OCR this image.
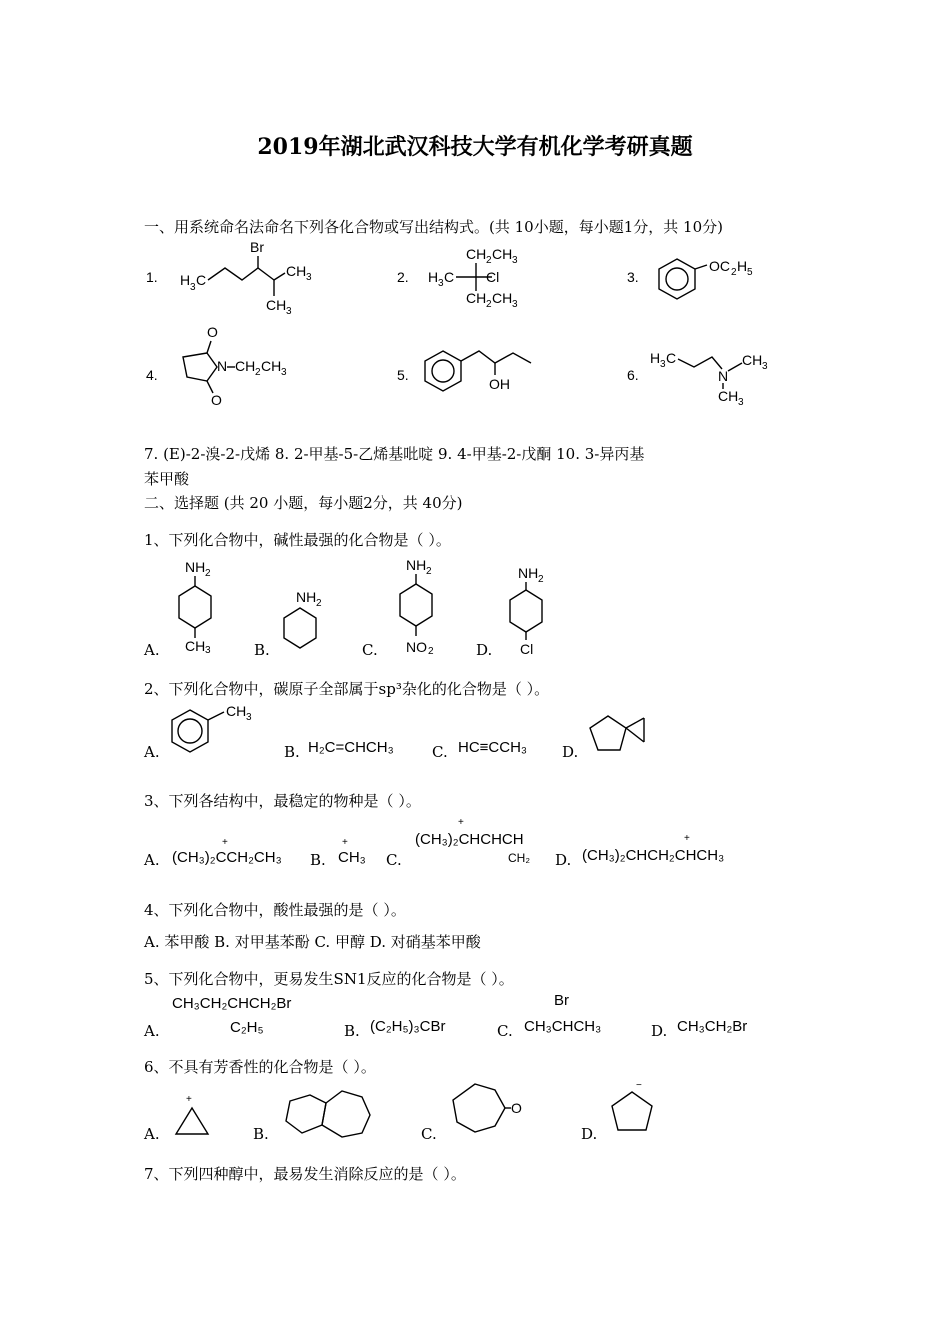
2019年湖北武汉科技大学有机化学考研真题
一、用系统命名法命名下列各化合物或写出结构式。(共 10小题，每小题1分，共 10分)
1.	2.	3.
H 3 C
Br
CH 3
CH 3
CH 2 CH 3
H 3 C Cl
CH 2 CH 3
OC 2 H 5
4.	5.	6.
O
N CH 2 CH 3
O
OH
H 3 C
N
CH 3
CH 3
7. (E)-2-溴-2-戊烯 8. 2-甲基-5-乙烯基吡啶 9. 4-甲基-2-戊酮 10. 3-异丙基
苯甲酸
二、选择题 (共 20 小题，每小题2分，共 40分)
1、下列化合物中，碱性最强的化合物是（ ）。
A.
NH 2
CH 3	B.
NH 2
C.
NH 2
NO 2	D.
NH 2
Cl
2、下列化合物中，碳原子全部属于sp³杂化的化合物是（ ）。
A.
CH 3
B. H₂C=CHCH₃	C. HC≡CCH₃ D.
3、下列各结构中，最稳定的物种是（ ）。
A.
+
(CH₃)₂CCH₂CH₃ B.
+
CH₃ C.
+
(CH₃)₂CHCHCH
CH₂ D.
+
(CH₃)₂CHCH₂CHCH₃
4、下列化合物中，酸性最强的是（ ）。
A. 苯甲酸 B. 对甲基苯酚 C. 甲醇 D. 对硝基苯甲酸
5、下列化合物中，更易发生SN1反应的化合物是（ ）。
A.
CH₃CH₂CHCH₂Br
C₂H₅	B. (C₂H₅)₃CBr	C.
Br
CH₃CHCH₃	D. CH₃CH₂Br
6、不具有芳香性的化合物是（ ）。
A.
+
B.	C.
O
D.
−
7、下列四种醇中，最易发生消除反应的是（ ）。
